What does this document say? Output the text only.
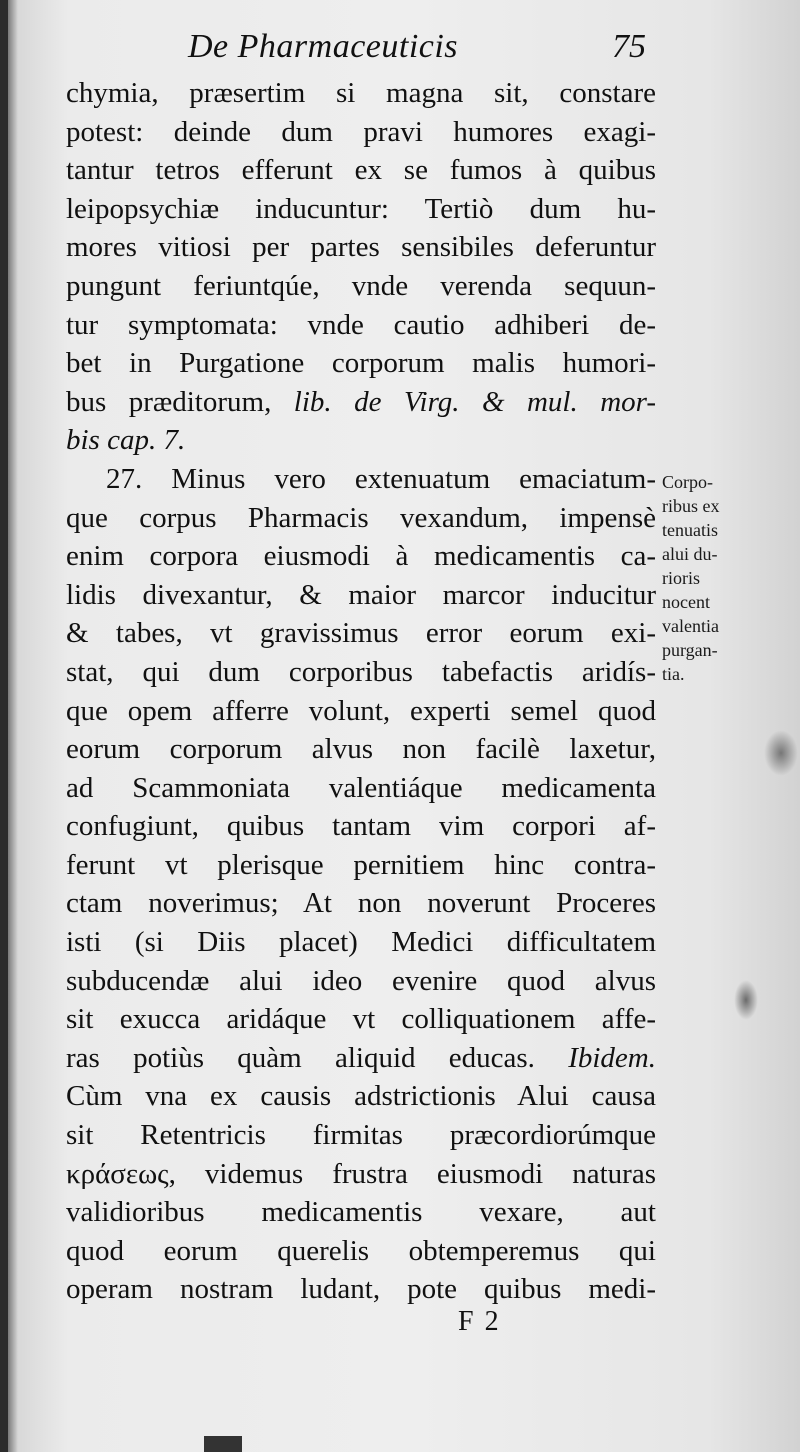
De Pharmaceuticis	75
chymia, præsertim si magna sit, constare
potest: deinde dum pravi humores exagi-
tantur tetros efferunt ex se fumos à quibus
leipopsychiæ inducuntur: Tertiò dum hu-
mores vitiosi per partes sensibiles deferuntur
pungunt feriuntqúe, vnde verenda sequun-
tur symptomata: vnde cautio adhiberi de-
bet in Purgatione corporum malis humori-
bus præditorum, lib. de Virg. & mul. mor-
bis cap. 7.
27. Minus vero extenuatum emaciatum-
que corpus Pharmacis vexandum, impensè
enim corpora eiusmodi à medicamentis ca-
lidis divexantur, & maior marcor inducitur
& tabes, vt gravissimus error eorum exi-
stat, qui dum corporibus tabefactis aridís-
que opem afferre volunt, experti semel quod
eorum corporum alvus non facilè laxetur,
ad Scammoniata valentiáque medicamenta
confugiunt, quibus tantam vim corpori af-
ferunt vt plerisque pernitiem hinc contra-
ctam noverimus; At non noverunt Proceres
isti (si Diis placet) Medici difficultatem
subducendæ alui ideo evenire quod alvus
sit exucca aridáque vt colliquationem affe-
ras potiùs quàm aliquid educas. Ibidem.
Cùm vna ex causis adstrictionis Alui causa
sit Retentricis firmitas præcordiorúmque
κράσεως, videmus frustra eiusmodi naturas
validioribus medicamentis vexare, aut
quod eorum querelis obtemperemus qui
operam nostram ludant, pote quibus medi-
Corpo-
ribus ex
tenuatis
alui du-
rioris
nocent
valentia
purgan-
tia.
F 2
